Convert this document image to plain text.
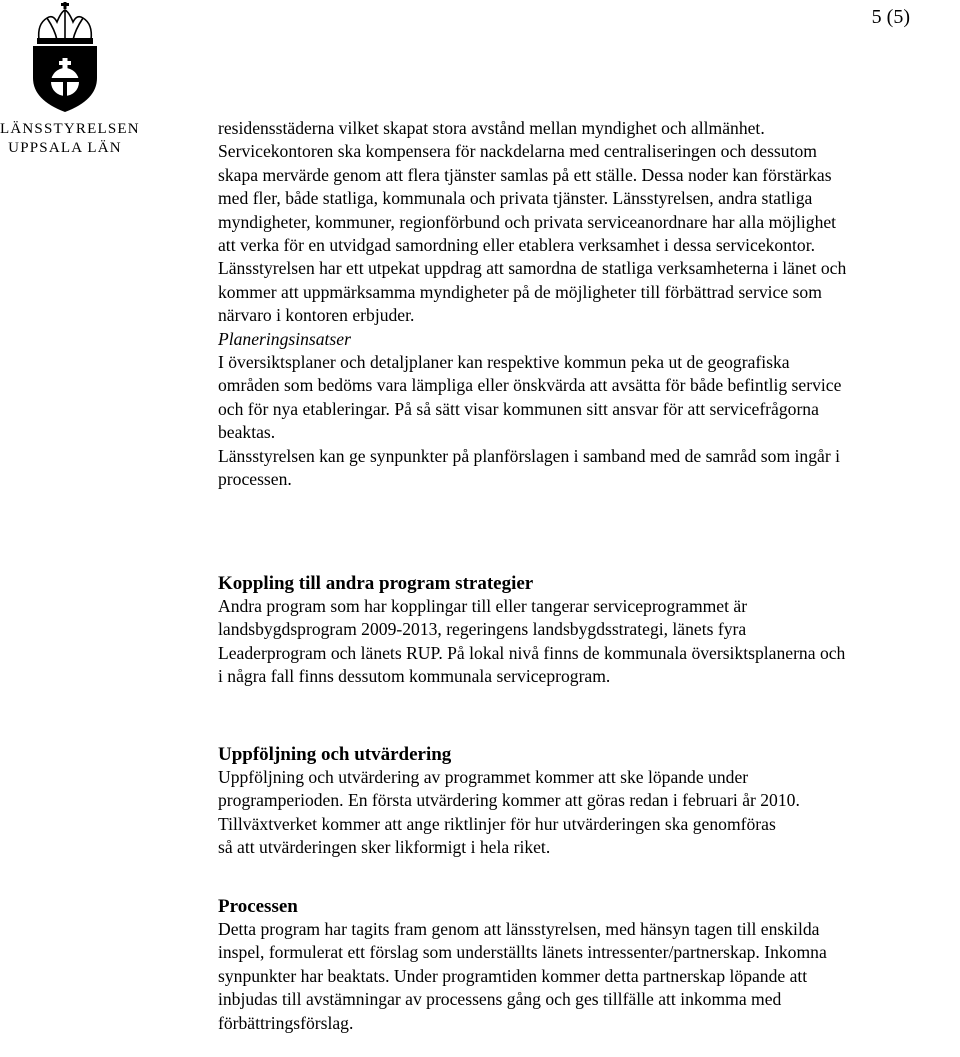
LÄNSSTYRELSEN
UPPSALA LÄN
5 (5)

residensstäderna vilket skapat stora avstånd mellan myndighet och allmänhet.
Servicekontoren ska kompensera för nackdelarna med centraliseringen och dessutom
skapa mervärde genom att flera tjänster samlas på ett ställe. Dessa noder kan förstärkas
med fler, både statliga, kommunala och privata tjänster. Länsstyrelsen, andra statliga
myndigheter, kommuner, regionförbund och privata serviceanordnare har alla möjlighet
att verka för en utvidgad samordning eller etablera verksamhet i dessa servicekontor.
Länsstyrelsen har ett utpekat uppdrag att samordna de statliga verksamheterna i länet och
kommer att uppmärksamma myndigheter på de möjligheter till förbättrad service som
närvaro i kontoren erbjuder.

Planeringsinsatser

I översiktsplaner och detaljplaner kan respektive kommun peka ut de geografiska
områden som bedöms vara lämpliga eller önskvärda att avsätta för både befintlig service
och för nya etableringar. På så sätt visar kommunen sitt ansvar för att servicefrågorna
beaktas.
Länsstyrelsen kan ge synpunkter på planförslagen i samband med de samråd som ingår i
processen.

Koppling till andra program strategier

Andra program som har kopplingar till eller tangerar serviceprogrammet är
landsbygdsprogram 2009-2013, regeringens landsbygdsstrategi, länets fyra
Leaderprogram och länets RUP. På lokal nivå finns de kommunala översiktsplanerna och
i några fall finns dessutom kommunala serviceprogram.

Uppföljning och utvärdering

Uppföljning och utvärdering av programmet kommer att ske löpande under
programperioden. En första utvärdering kommer att göras redan i februari år 2010.
Tillväxtverket kommer att ange riktlinjer för hur utvärderingen ska genomföras
så att utvärderingen sker likformigt i hela riket.

Processen

Detta program har tagits fram genom att länsstyrelsen, med hänsyn tagen till enskilda
inspel, formulerat ett förslag som underställts länets intressenter/partnerskap. Inkomna
synpunkter har beaktats. Under programtiden kommer detta partnerskap löpande att
inbjudas till avstämningar av processens gång och ges tillfälle att inkomma med
förbättringsförslag.
